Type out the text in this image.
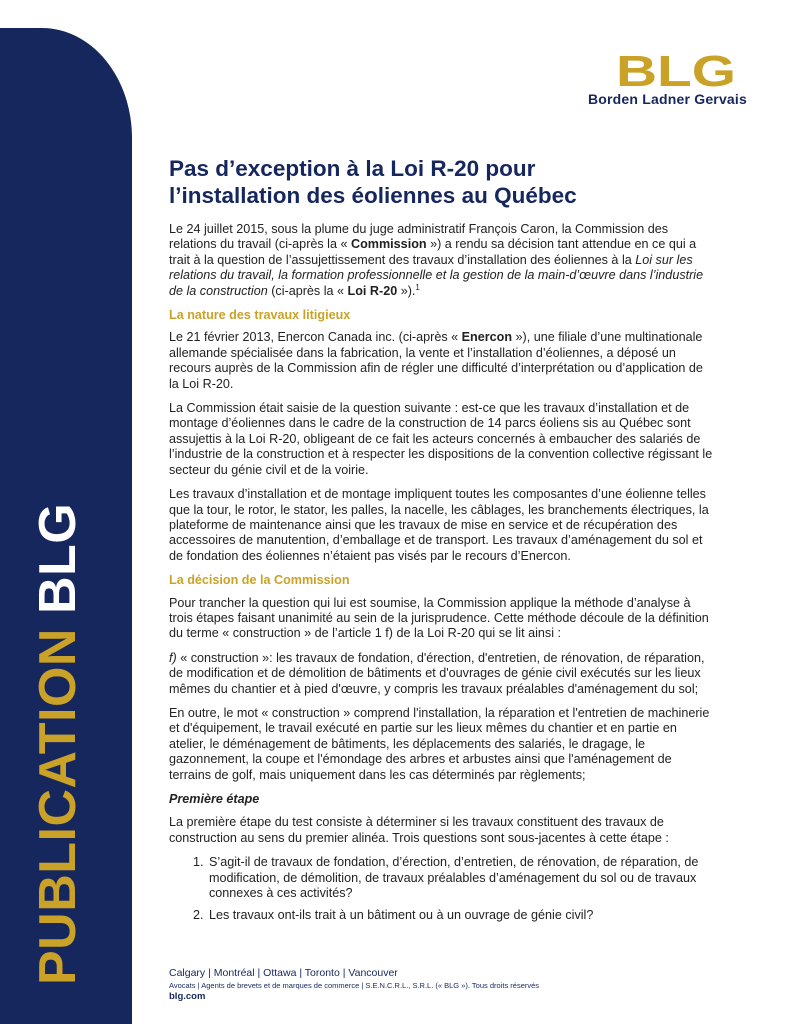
PUBLICATIONBLG
BLG
Borden Ladner Gervais
Pas d’exception à la Loi R-20 pour
l’installation des éoliennes au Québec

Le 24 juillet 2015, sous la plume du juge administratif François Caron, la Commission des relations du travail (ci-après la « Commission ») a rendu sa décision tant attendue en ce qui a trait à la question de l’assujettissement des travaux d’installation des éoliennes à la Loi sur les relations du travail, la formation professionnelle et la gestion de la main-d’œuvre dans l’industrie de la construction (ci-après la « Loi R-20 »).$^1$

La nature des travaux litigieux

Le 21 février 2013, Enercon Canada inc. (ci-après « Enercon »), une filiale d’une multinationale allemande spécialisée dans la fabrication, la vente et l’installation d’éoliennes, a déposé un recours auprès de la Commission afin de régler une difficulté d’interprétation ou d’application de la Loi R-20.

La Commission était saisie de la question suivante : est-ce que les travaux d’installation et de montage d’éoliennes dans le cadre de la construction de 14 parcs éoliens sis au Québec sont assujettis à la Loi R-20, obligeant de ce fait les acteurs concernés à embaucher des salariés de l’industrie de la construction et à respecter les dispositions de la convention collective régissant le secteur du génie civil et de la voirie.

Les travaux d’installation et de montage impliquent toutes les composantes d’une éolienne telles que la tour, le rotor, le stator, les palles, la nacelle, les câblages, les branchements électriques, la plateforme de maintenance ainsi que les travaux de mise en service et de récupération des accessoires de manutention, d’emballage et de transport. Les travaux d’aménagement du sol et de fondation des éoliennes n’étaient pas visés par le recours d’Enercon.

La décision de la Commission

Pour trancher la question qui lui est soumise, la Commission applique la méthode d’analyse à trois étapes faisant unanimité au sein de la jurisprudence. Cette méthode découle de la définition du terme « construction » de l’article 1 f) de la Loi R-20 qui se lit ainsi :

f) « construction »: les travaux de fondation, d'érection, d'entretien, de rénovation, de réparation, de modification et de démolition de bâtiments et d'ouvrages de génie civil exécutés sur les lieux mêmes du chantier et à pied d'œuvre, y compris les travaux préalables d'aménagement du sol;

En outre, le mot « construction » comprend l'installation, la réparation et l'entretien de machinerie et d'équipement, le travail exécuté en partie sur les lieux mêmes du chantier et en partie en atelier, le déménagement de bâtiments, les déplacements des salariés, le dragage, le gazonnement, la coupe et l'émondage des arbres et arbustes ainsi que l'aménagement de terrains de golf, mais uniquement dans les cas déterminés par règlements;

Première étape

La première étape du test consiste à déterminer si les travaux constituent des travaux de construction au sens du premier alinéa. Trois questions sont sous-jacentes à cette étape :

1. S’agit-il de travaux de fondation, d’érection, d’entretien, de rénovation, de réparation, de modification, de démolition, de travaux préalables d’aménagement du sol ou de travaux connexes à ces activités?
2. Les travaux ont-ils trait à un bâtiment ou à un ouvrage de génie civil?
Calgary | Montréal | Ottawa | Toronto | Vancouver
Avocats | Agents de brevets et de marques de commerce | S.E.N.C.R.L., S.R.L. (« BLG »). Tous droits réservés
blg.com
